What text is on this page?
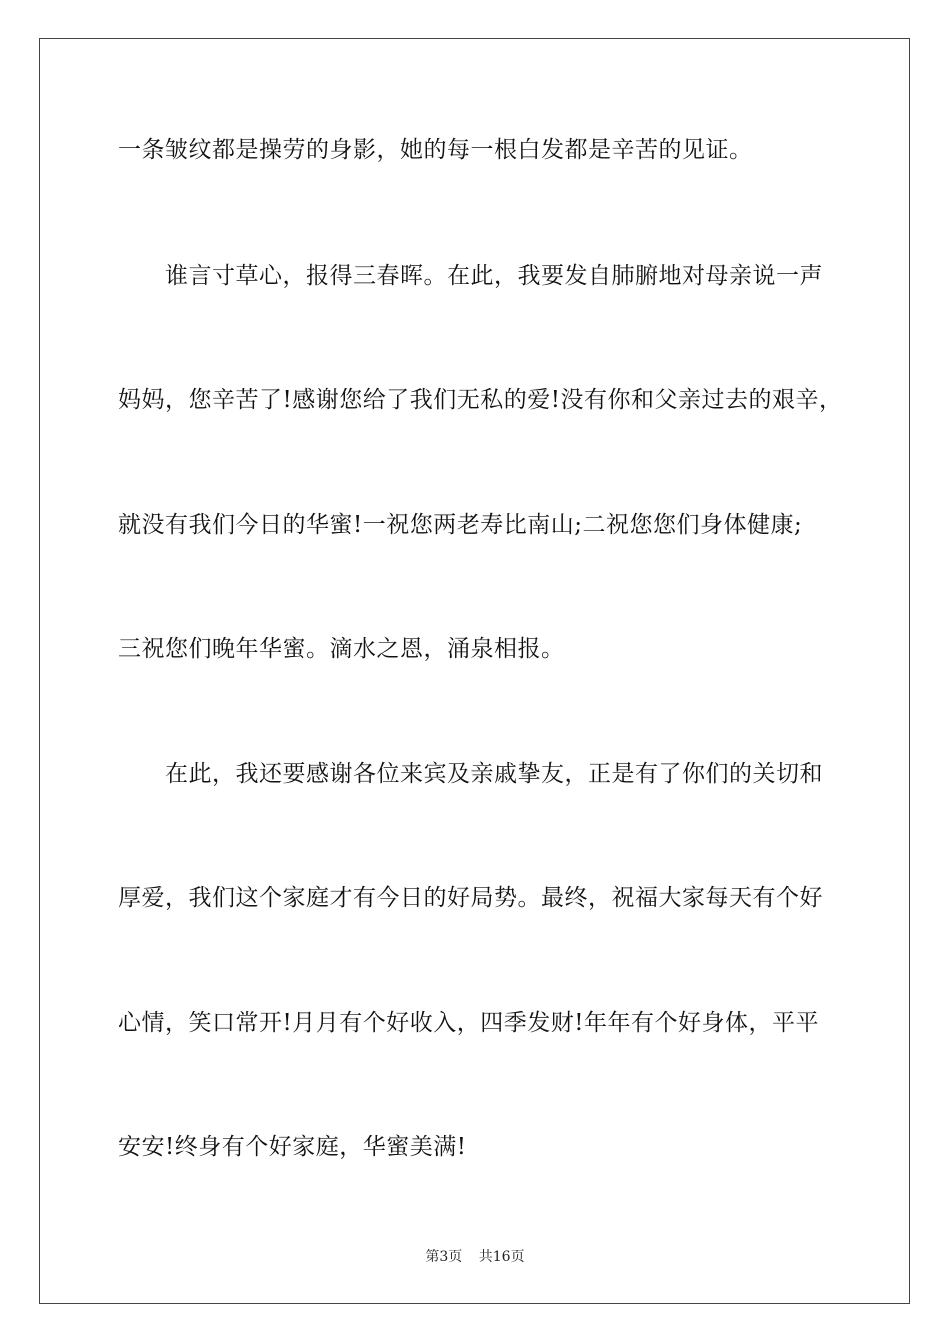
一条皱纹都是操劳的身影，她的每一根白发都是辛苦的见证。
谁言寸草心，报得三春晖。在此，我要发自肺腑地对母亲说一声
妈妈，您辛苦了!感谢您给了我们无私的爱!没有你和父亲过去的艰辛，
就没有我们今日的华蜜!一祝您两老寿比南山;二祝您您们身体健康;
三祝您们晚年华蜜。滴水之恩，涌泉相报。
在此，我还要感谢各位来宾及亲戚挚友，正是有了你们的关切和
厚爱，我们这个家庭才有今日的好局势。最终，祝福大家每天有个好
心情，笑口常开!月月有个好收入，四季发财!年年有个好身体，平平
安安!终身有个好家庭，华蜜美满!
第3页 共16页
